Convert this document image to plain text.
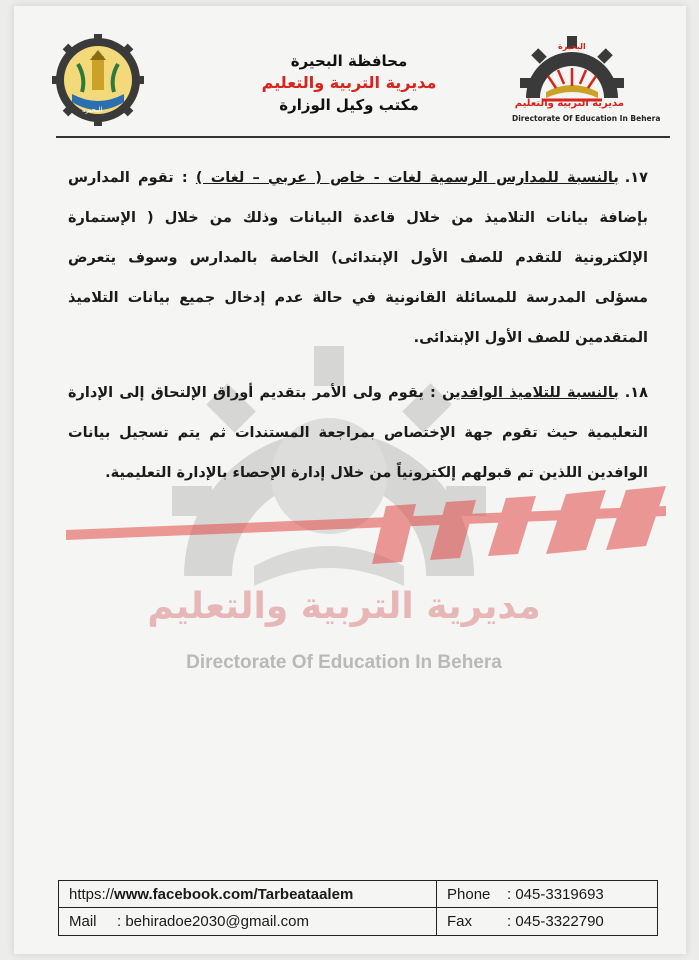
البحيرة
محافظة البحيرة
مديرية التربية والتعليم
مكتب وكيل الوزارة
البحيرة
مديرية التربية والتعليم
Directorate Of Education In Behera
مديرية التربية والتعليم
Directorate Of Education In Behera
١٧.بالنسبة للمدارس الرسمية لغات - خاص ( عربي – لغات ) : تقوم المدارس بإضافة بيانات التلاميذ من خلال قاعدة البيانات وذلك من خلال ( الإستمارة الإلكترونية للتقدم للصف الأول الإبتدائى) الخاصة بالمدارس وسوف يتعرض مسؤلى المدرسة للمسائلة القانونية في حالة عدم إدخال جميع بيانات التلاميذ المتقدمين للصف الأول الإبتدائى.
١٨.بالنسبة للتلاميذ الوافدين : يقوم ولى الأمر بتقديم أوراق الإلتحاق إلى الإدارة التعليمية حيث تقوم جهة الإختصاص بمراجعة المستندات ثم يتم تسجيل بيانات الوافدين اللذين تم قبولهم إلكترونياً من خلال إدارة الإحصاء بالإدارة التعليمية.
https:// www.facebook.com/Tarbeataalem	Phone	: 045-3319693
Mail	: behiradoe2030@gmail.com	Fax	: 045-3322790
